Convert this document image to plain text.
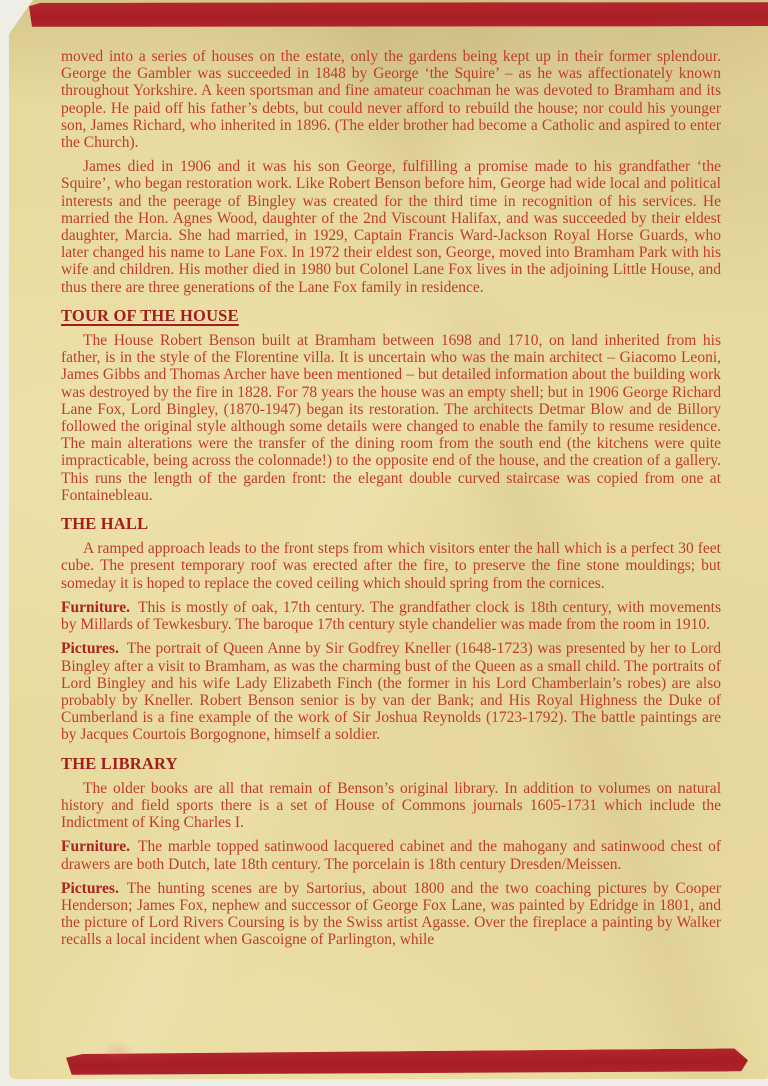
moved into a series of houses on the estate, only the gardens being kept up in their former splendour. George the Gambler was succeeded in 1848 by George ‘the Squire’ – as he was affectionately known throughout Yorkshire. A keen sportsman and fine amateur coachman he was devoted to Bramham and its people. He paid off his father’s debts, but could never afford to rebuild the house; nor could his younger son, James Richard, who inherited in 1896. (The elder brother had become a Catholic and aspired to enter the Church).

James died in 1906 and it was his son George, fulfilling a promise made to his grandfather ‘the Squire’, who began restoration work. Like Robert Benson before him, George had wide local and political interests and the peerage of Bingley was created for the third time in recognition of his services. He married the Hon. Agnes Wood, daughter of the 2nd Viscount Halifax, and was succeeded by their eldest daughter, Marcia. She had married, in 1929, Captain Francis Ward-Jackson Royal Horse Guards, who later changed his name to Lane Fox. In 1972 their eldest son, George, moved into Bramham Park with his wife and children. His mother died in 1980 but Colonel Lane Fox lives in the adjoining Little House, and thus there are three generations of the Lane Fox family in residence.

TOUR OF THE HOUSE

The House Robert Benson built at Bramham between 1698 and 1710, on land inherited from his father, is in the style of the Florentine villa. It is uncertain who was the main architect – Giacomo Leoni, James Gibbs and Thomas Archer have been mentioned – but detailed information about the building work was destroyed by the fire in 1828. For 78 years the house was an empty shell; but in 1906 George Richard Lane Fox, Lord Bingley, (1870-1947) began its restoration. The architects Detmar Blow and de Billory followed the original style although some details were changed to enable the family to resume residence. The main alterations were the transfer of the dining room from the south end (the kitchens were quite impracticable, being across the colonnade!) to the opposite end of the house, and the creation of a gallery. This runs the length of the garden front: the elegant double curved staircase was copied from one at Fontainebleau.

THE HALL

A ramped approach leads to the front steps from which visitors enter the hall which is a perfect 30 feet cube. The present temporary roof was erected after the fire, to preserve the fine stone mouldings; but someday it is hoped to replace the coved ceiling which should spring from the cornices.

Furniture. This is mostly of oak, 17th century. The grandfather clock is 18th century, with movements by Millards of Tewkesbury. The baroque 17th century style chandelier was made from the room in 1910.

Pictures. The portrait of Queen Anne by Sir Godfrey Kneller (1648-1723) was presented by her to Lord Bingley after a visit to Bramham, as was the charming bust of the Queen as a small child. The portraits of Lord Bingley and his wife Lady Elizabeth Finch (the former in his Lord Chamberlain’s robes) are also probably by Kneller. Robert Benson senior is by van der Bank; and His Royal Highness the Duke of Cumberland is a fine example of the work of Sir Joshua Reynolds (1723-1792). The battle paintings are by Jacques Courtois Borgognone, himself a soldier.

THE LIBRARY

The older books are all that remain of Benson’s original library. In addition to volumes on natural history and field sports there is a set of House of Commons journals 1605-1731 which include the Indictment of King Charles I.

Furniture. The marble topped satinwood lacquered cabinet and the mahogany and satinwood chest of drawers are both Dutch, late 18th century. The porcelain is 18th century Dresden/Meissen.

Pictures. The hunting scenes are by Sartorius, about 1800 and the two coaching pictures by Cooper Henderson; James Fox, nephew and successor of George Fox Lane, was painted by Edridge in 1801, and the picture of Lord Rivers Coursing is by the Swiss artist Agasse. Over the fireplace a painting by Walker recalls a local incident when Gascoigne of Parlington, while
